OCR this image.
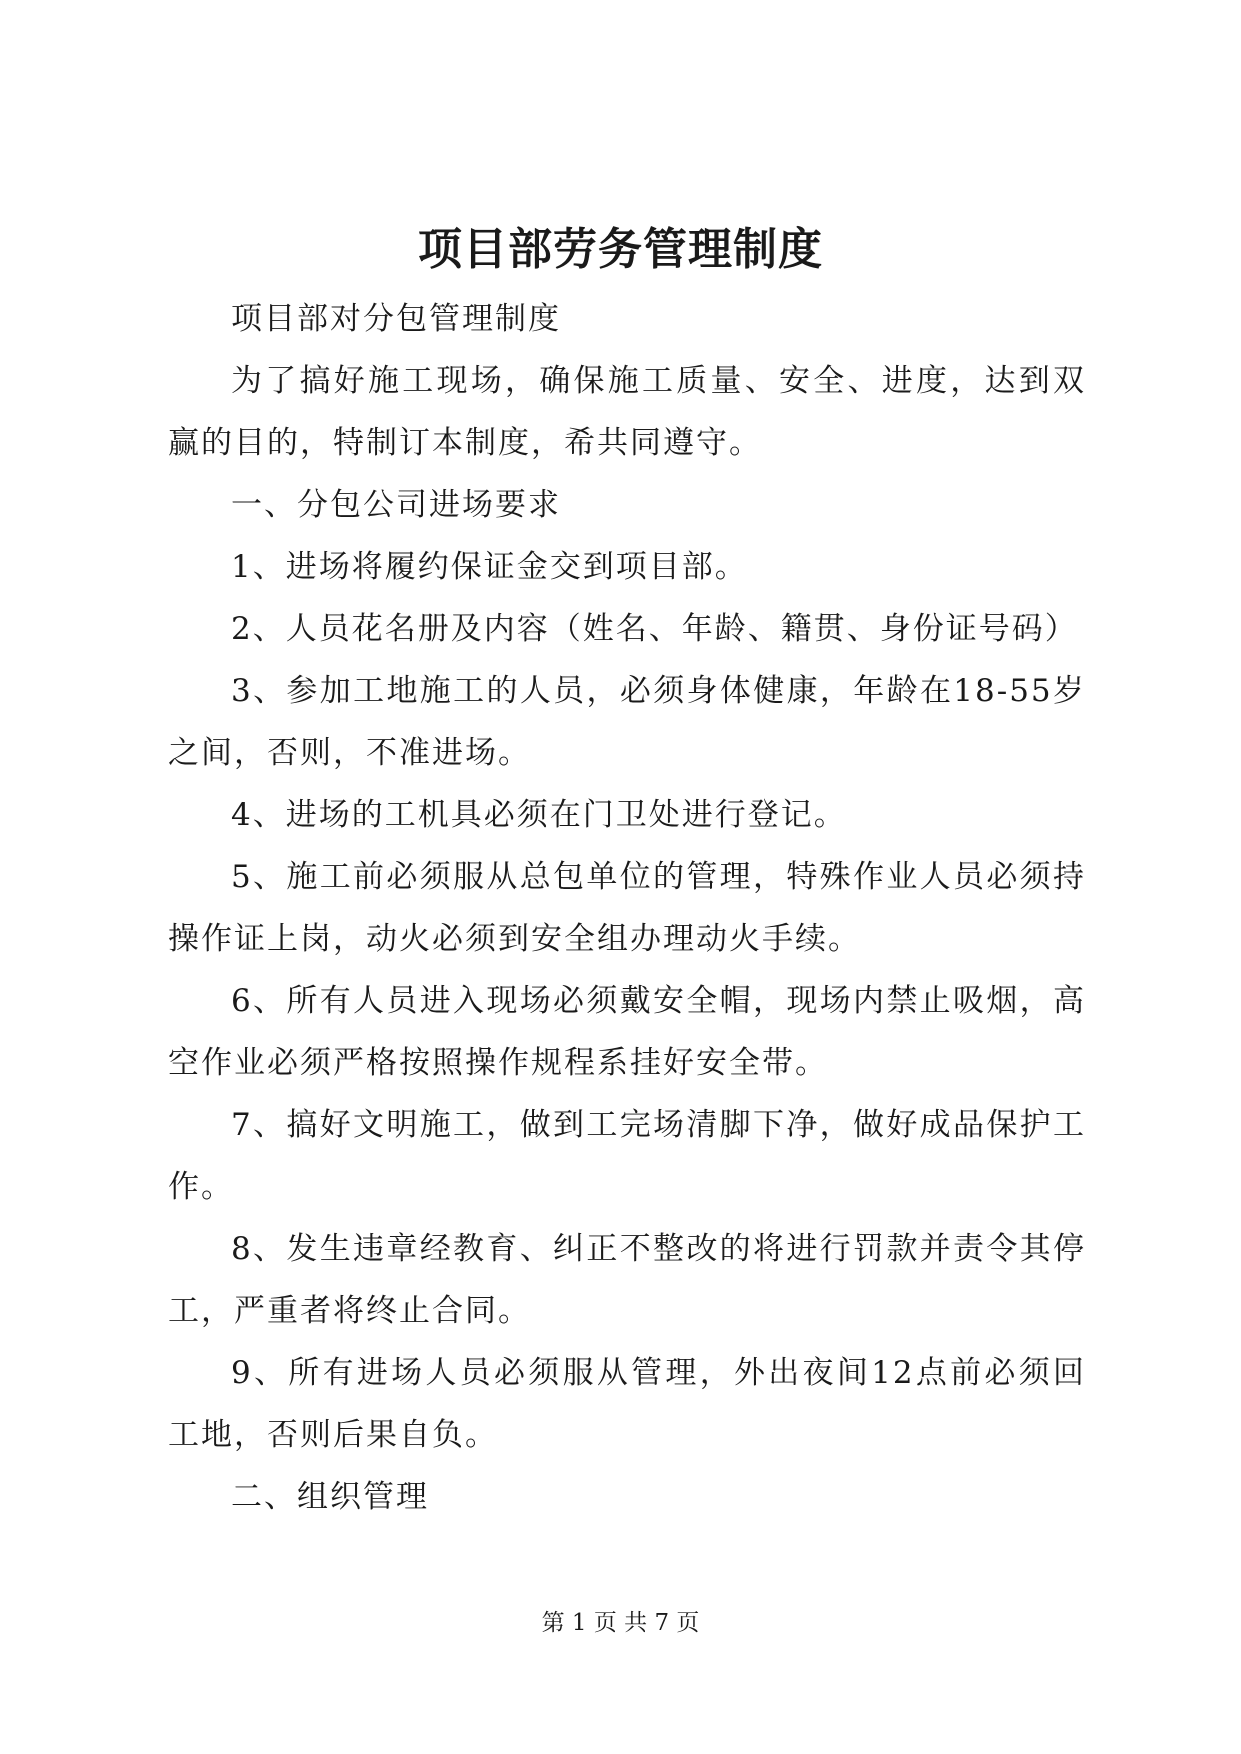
项目部劳务管理制度

项目部对分包管理制度

为了搞好施工现场，确保施工质量、安全、进度，达到双赢的目的，特制订本制度，希共同遵守。

一、分包公司进场要求

1、进场将履约保证金交到项目部。

2、人员花名册及内容（姓名、年龄、籍贯、身份证号码）

3、参加工地施工的人员，必须身体健康，年龄在18-55岁之间，否则，不准进场。

4、进场的工机具必须在门卫处进行登记。

5、施工前必须服从总包单位的管理，特殊作业人员必须持操作证上岗，动火必须到安全组办理动火手续。

6、所有人员进入现场必须戴安全帽，现场内禁止吸烟，高空作业必须严格按照操作规程系挂好安全带。

7、搞好文明施工，做到工完场清脚下净，做好成品保护工作。

8、发生违章经教育、纠正不整改的将进行罚款并责令其停工，严重者将终止合同。

9、所有进场人员必须服从管理，外出夜间12点前必须回工地，否则后果自负。

二、组织管理

第 1 页 共 7 页
